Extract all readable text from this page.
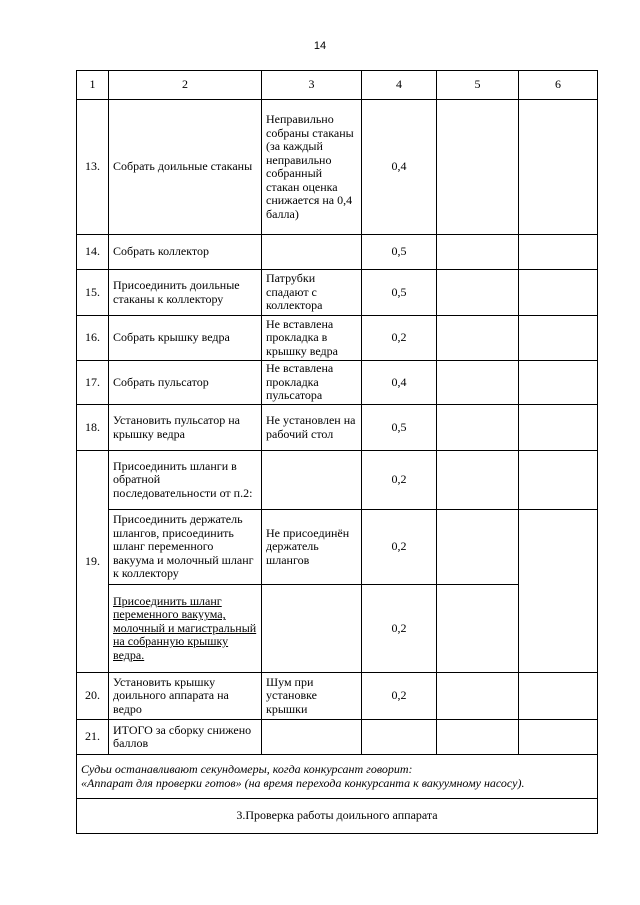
14
1	2	3	4	5	6
13.	Собрать доильные стаканы	Неправильно собраны стаканы (за каждый неправильно собранный стакан оценка снижается на 0,4 балла)	0,4		
14.	Собрать коллектор		0,5		
15.	Присоединить доильные стаканы к коллектору	Патрубки спадают с коллектора	0,5		
16.	Собрать крышку ведра	Не вставлена прокладка в крышку ведра	0,2		
17.	Собрать пульсатор	Не вставлена прокладка пульсатора	0,4		
18.	Установить пульсатор на крышку ведра	Не установлен на рабочий стол	0,5		
19.	Присоединить шланги в обратной последовательности от п.2:		0,2		
	Присоединить держатель шлангов, присоединить шланг переменного вакуума и молочный шланг к коллектору	Не присоединён держатель шлангов	0,2		
	Присоединить шланг переменного вакуума, молочный и магистральный на собранную крышку ведра.		0,2		
20.	Установить крышку доильного аппарата на ведро	Шум при установке крышки	0,2		
21.	ИТОГО за сборку снижено баллов				

Судьи останавливают секундомеры, когда конкурсант говорит:
«Аппарат для проверки готов» (на время перехода конкурсанта к вакуумному насосу).					

3.Проверка работы доильного аппарата					
